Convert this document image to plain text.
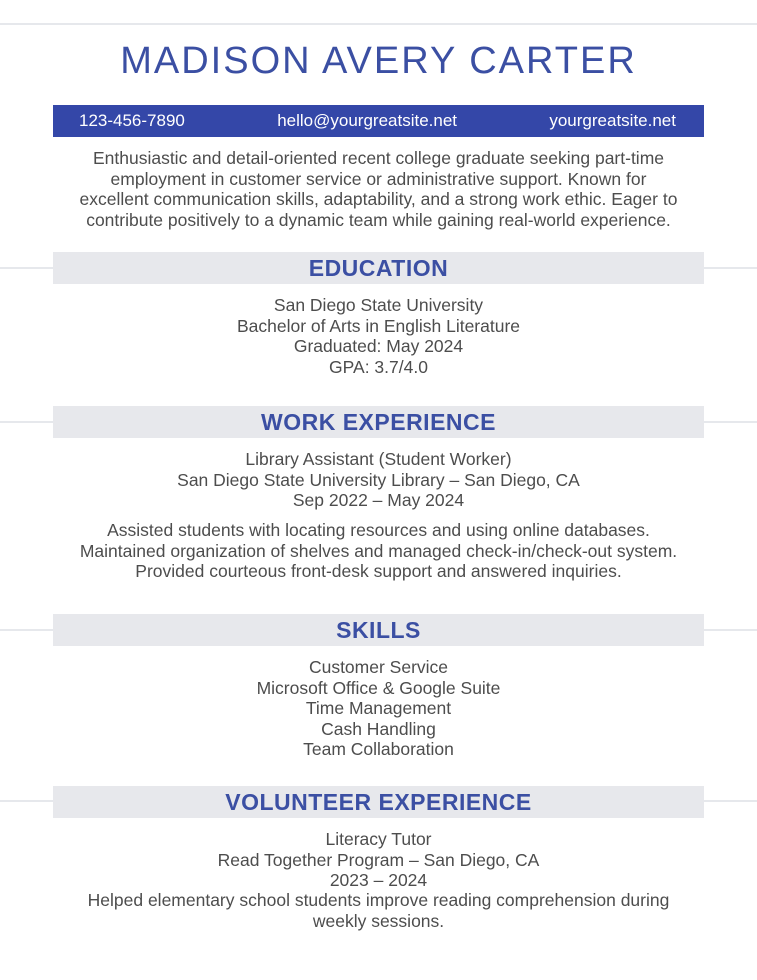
MADISON AVERY CARTER
123-456-7890	hello@yourgreatsite.net	yourgreatsite.net

Enthusiastic and detail-oriented recent college graduate seeking part-time employment in customer service or administrative support. Known for excellent communication skills, adaptability, and a strong work ethic. Eager to contribute positively to a dynamic team while gaining real-world experience.

EDUCATION

San Diego State University

Bachelor of Arts in English Literature

Graduated: May 2024

GPA: 3.7/4.0

WORK EXPERIENCE

Library Assistant (Student Worker)

San Diego State University Library – San Diego, CA

Sep 2022 – May 2024

Assisted students with locating resources and using online databases. Maintained organization of shelves and managed check-in/check-out system. Provided courteous front-desk support and answered inquiries.

SKILLS

Customer Service

Microsoft Office & Google Suite

Time Management

Cash Handling

Team Collaboration

VOLUNTEER EXPERIENCE

Literacy Tutor

Read Together Program – San Diego, CA

2023 – 2024

Helped elementary school students improve reading comprehension during weekly sessions.
